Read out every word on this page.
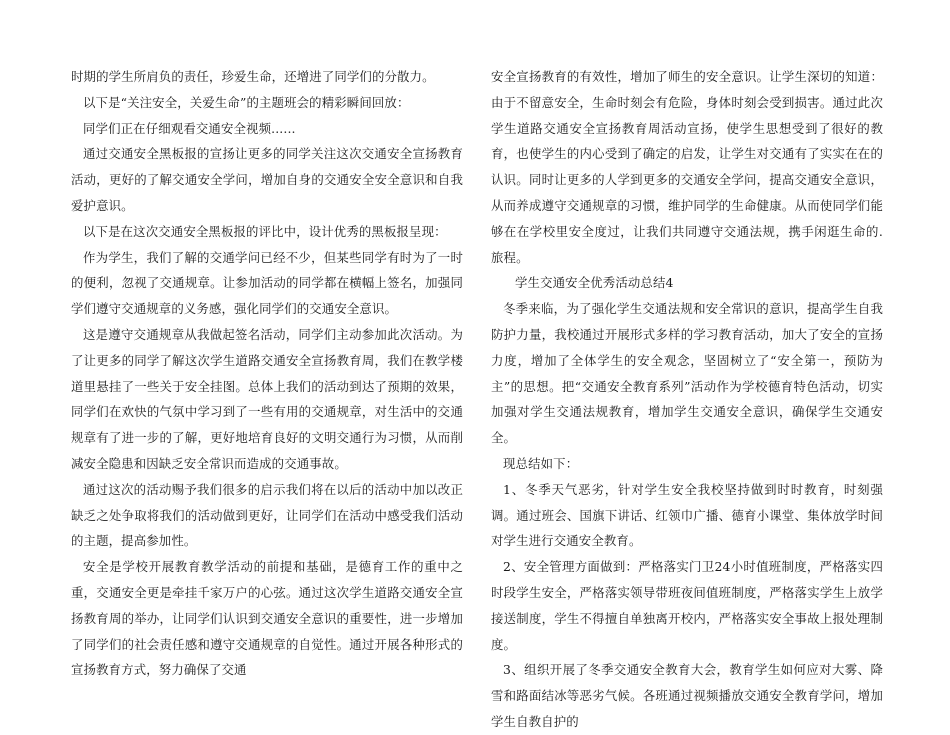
时期的学生所肩负的责任，珍爱生命，还增进了同学们的分散力。

以下是“关注安全，关爱生命”的主题班会的精彩瞬间回放：

同学们正在仔细观看交通安全视频......

通过交通安全黑板报的宣扬让更多的同学关注这次交通安全宣扬教育活动，更好的了解交通安全学问，增加自身的交通安全安全意识和自我爱护意识。

以下是在这次交通安全黑板报的评比中，设计优秀的黑板报呈现：

作为学生，我们了解的交通学问已经不少，但某些同学有时为了一时的便利，忽视了交通规章。让参加活动的同学都在横幅上签名，加强同学们遵守交通规章的义务感，强化同学们的交通安全意识。

这是遵守交通规章从我做起签名活动，同学们主动参加此次活动。为了让更多的同学了解这次学生道路交通安全宣扬教育周，我们在教学楼道里悬挂了一些关于安全挂图。总体上我们的活动到达了预期的效果，同学们在欢快的气氛中学习到了一些有用的交通规章，对生活中的交通规章有了进一步的了解，更好地培育良好的文明交通行为习惯，从而削减安全隐患和因缺乏安全常识而造成的交通事故。

通过这次的活动赐予我们很多的启示我们将在以后的活动中加以改正缺乏之处争取将我们的活动做到更好，让同学们在活动中感受我们活动的主题，提高参加性。

安全是学校开展教育教学活动的前提和基础，是德育工作的重中之重，交通安全更是牵挂千家万户的心弦。通过这次学生道路交通安全宣扬教育周的举办，让同学们认识到交通安全意识的重要性，进一步增加了同学们的社会责任感和遵守交通规章的自觉性。通过开展各种形式的宣扬教育方式，努力确保了交通

安全宣扬教育的有效性，增加了师生的安全意识。让学生深切的知道：由于不留意安全，生命时刻会有危险，身体时刻会受到损害。通过此次学生道路交通安全宣扬教育周活动宣扬，使学生思想受到了很好的教育，也使学生的内心受到了确定的启发，让学生对交通有了实实在在的认识。同时让更多的人学到更多的交通安全学问，提高交通安全意识，从而养成遵守交通规章的习惯，维护同学的生命健康。从而使同学们能够在在学校里安全度过，让我们共同遵守交通法规，携手闲逛生命的.旅程。

学生交通安全优秀活动总结4

冬季来临，为了强化学生交通法规和安全常识的意识，提高学生自我防护力量，我校通过开展形式多样的学习教育活动，加大了安全的宣扬力度，增加了全体学生的安全观念，坚固树立了“安全第一，预防为主”的思想。把“交通安全教育系列”活动作为学校德育特色活动，切实加强对学生交通法规教育，增加学生交通安全意识，确保学生交通安全。

现总结如下：

1、冬季天气恶劣，针对学生安全我校坚持做到时时教育，时刻强调。通过班会、国旗下讲话、红领巾广播、德育小课堂、集体放学时间对学生进行交通安全教育。

2、安全管理方面做到：严格落实门卫24小时值班制度，严格落实四时段学生安全，严格落实领导带班夜间值班制度，严格落实学生上放学接送制度，学生不得擅自单独离开校内，严格落实安全事故上报处理制度。

3、组织开展了冬季交通安全教育大会，教育学生如何应对大雾、降雪和路面结冰等恶劣气候。各班通过视频播放交通安全教育学问，增加学生自教自护的
